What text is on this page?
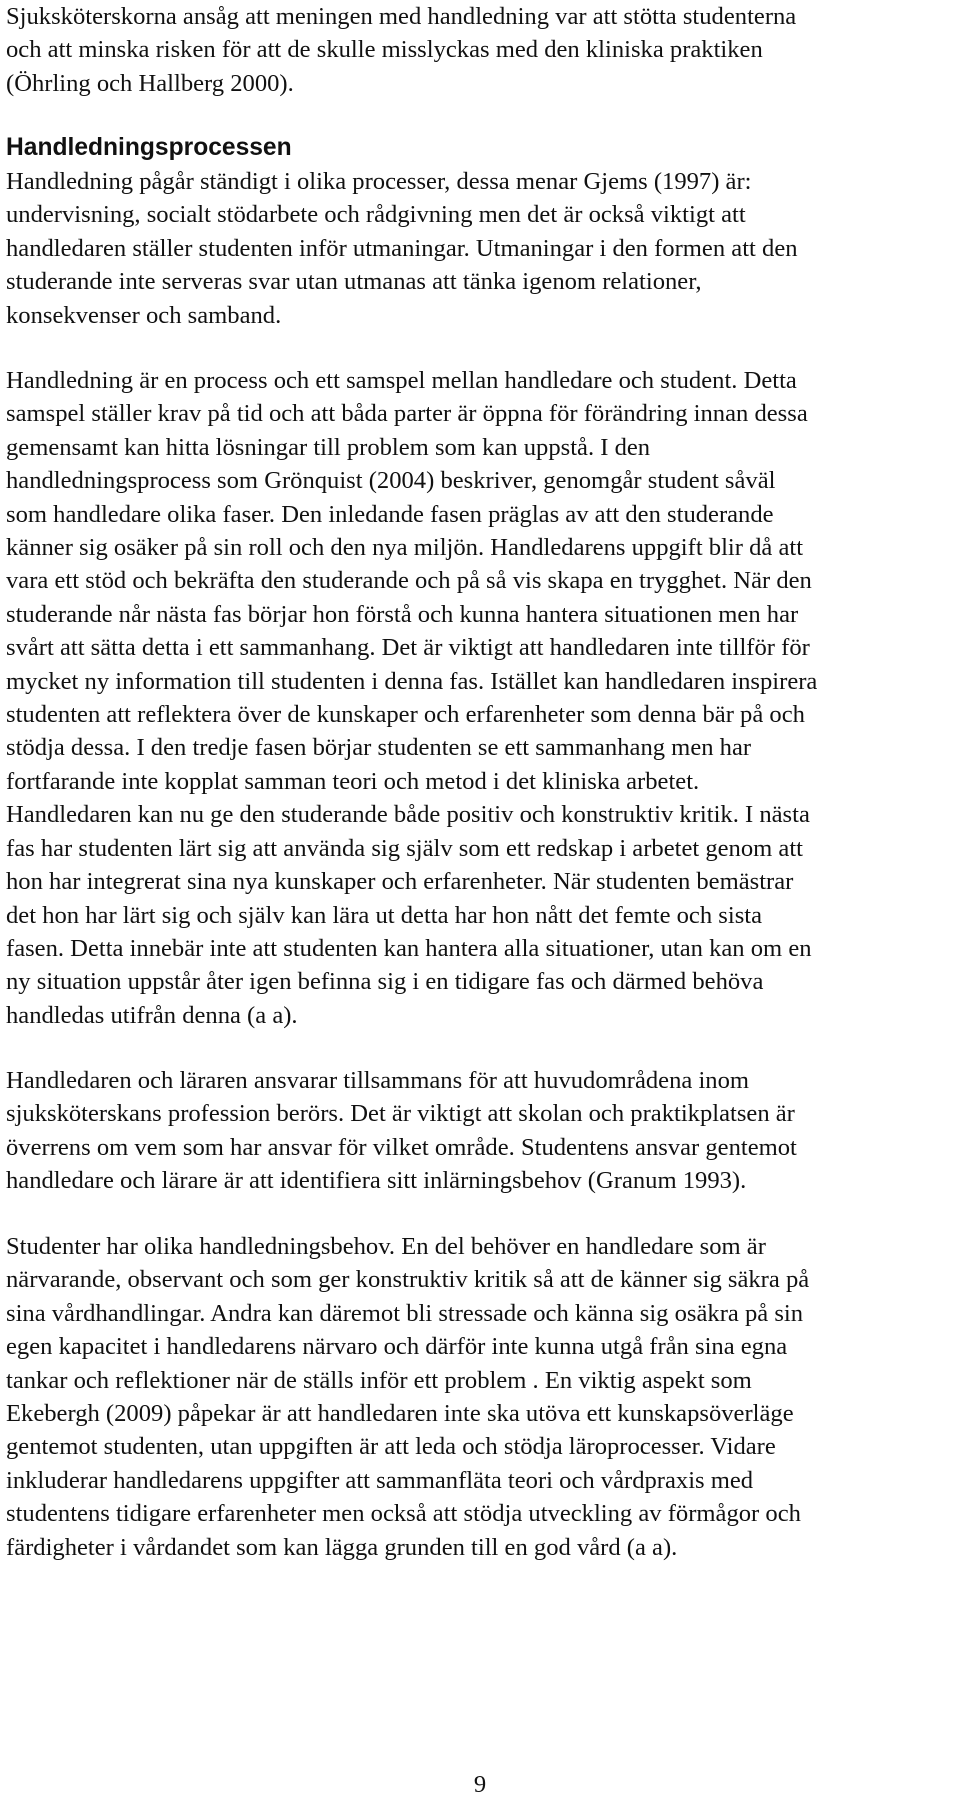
Sjuksköterskorna ansåg att meningen med handledning var att stötta studenterna
och att minska risken för att de skulle misslyckas med den kliniska praktiken
(Öhrling och Hallberg 2000).

Handledningsprocessen

Handledning pågår ständigt i olika processer, dessa menar Gjems (1997) är:
undervisning, socialt stödarbete och rådgivning men det är också viktigt att
handledaren ställer studenten inför utmaningar. Utmaningar i den formen att den
studerande inte serveras svar utan utmanas att tänka igenom relationer,
konsekvenser och samband.

Handledning är en process och ett samspel mellan handledare och student. Detta
samspel ställer krav på tid och att båda parter är öppna för förändring innan dessa
gemensamt kan hitta lösningar till problem som kan uppstå. I den
handledningsprocess som Grönquist (2004) beskriver, genomgår student såväl
som handledare olika faser. Den inledande fasen präglas av att den studerande
känner sig osäker på sin roll och den nya miljön. Handledarens uppgift blir då att
vara ett stöd och bekräfta den studerande och på så vis skapa en trygghet. När den
studerande når nästa fas börjar hon förstå och kunna hantera situationen men har
svårt att sätta detta i ett sammanhang. Det är viktigt att handledaren inte tillför för
mycket ny information till studenten i denna fas. Istället kan handledaren inspirera
studenten att reflektera över de kunskaper och erfarenheter som denna bär på och
stödja dessa. I den tredje fasen börjar studenten se ett sammanhang men har
fortfarande inte kopplat samman teori och metod i det kliniska arbetet.
Handledaren kan nu ge den studerande både positiv och konstruktiv kritik. I nästa
fas har studenten lärt sig att använda sig själv som ett redskap i arbetet genom att
hon har integrerat sina nya kunskaper och erfarenheter. När studenten bemästrar
det hon har lärt sig och själv kan lära ut detta har hon nått det femte och sista
fasen. Detta innebär inte att studenten kan hantera alla situationer, utan kan om en
ny situation uppstår åter igen befinna sig i en tidigare fas och därmed behöva
handledas utifrån denna (a a).

Handledaren och läraren ansvarar tillsammans för att huvudområdena inom
sjuksköterskans profession berörs. Det är viktigt att skolan och praktikplatsen är
överrens om vem som har ansvar för vilket område. Studentens ansvar gentemot
handledare och lärare är att identifiera sitt inlärningsbehov (Granum 1993).

Studenter har olika handledningsbehov. En del behöver en handledare som är
närvarande, observant och som ger konstruktiv kritik så att de känner sig säkra på
sina vårdhandlingar. Andra kan däremot bli stressade och känna sig osäkra på sin
egen kapacitet i handledarens närvaro och därför inte kunna utgå från sina egna
tankar och reflektioner när de ställs inför ett problem . En viktig aspekt som
Ekebergh (2009) påpekar är att handledaren inte ska utöva ett kunskapsöverläge
gentemot studenten, utan uppgiften är att leda och stödja läroprocesser. Vidare
inkluderar handledarens uppgifter att sammanfläta teori och vårdpraxis med
studentens tidigare erfarenheter men också att stödja utveckling av förmågor och
färdigheter i vårdandet som kan lägga grunden till en god vård (a a).

9
